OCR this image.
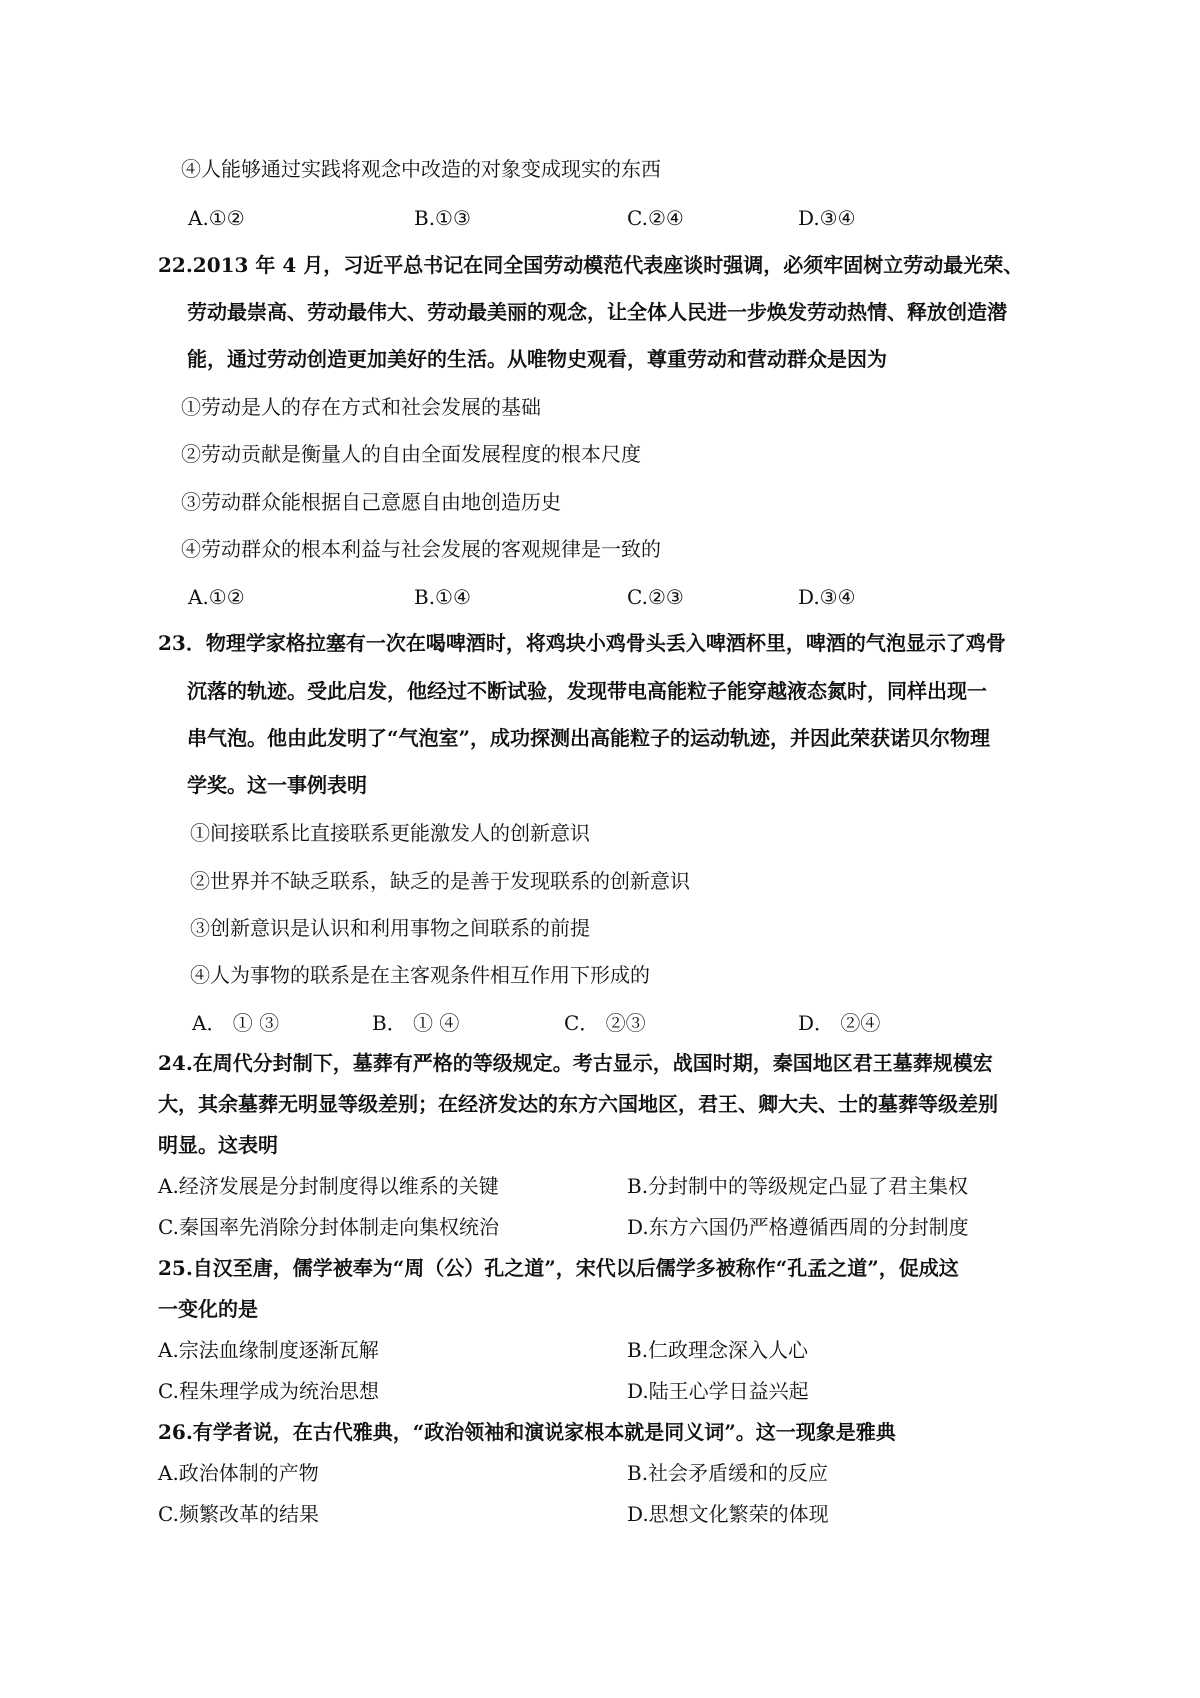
④人能够通过实践将观念中改造的对象变成现实的东西
A.①②	B.①③	C.②④	D.③④
22.2013 年 4 月，习近平总书记在同全国劳动模范代表座谈时强调，必须牢固树立劳动最光荣、
劳动最崇高、劳动最伟大、劳动最美丽的观念，让全体人民进一步焕发劳动热情、释放创造潜
能，通过劳动创造更加美好的生活。从唯物史观看，尊重劳动和营动群众是因为
①劳动是人的存在方式和社会发展的基础
②劳动贡献是衡量人的自由全面发展程度的根本尺度
③劳动群众能根据自己意愿自由地创造历史
④劳动群众的根本利益与社会发展的客观规律是一致的
A.①②	B.①④	C.②③	D.③④
23．物理学家格拉塞有一次在喝啤酒时，将鸡块小鸡骨头丢入啤酒杯里，啤酒的气泡显示了鸡骨
沉落的轨迹。受此启发，他经过不断试验，发现带电高能粒子能穿越液态氮时，同样出现一
串气泡。他由此发明了“气泡室”，成功探测出高能粒子的运动轨迹，并因此荣获诺贝尔物理
学奖。这一事例表明
①间接联系比直接联系更能激发人的创新意识
②世界并不缺乏联系，缺乏的是善于发现联系的创新意识
③创新意识是认识和利用事物之间联系的前提
④人为事物的联系是在主客观条件相互作用下形成的
A． ① ③	B． ① ④	C． ②③	D． ②④
24.在周代分封制下，墓葬有严格的等级规定。考古显示，战国时期，秦国地区君王墓葬规模宏
大，其余墓葬无明显等级差别；在经济发达的东方六国地区，君王、卿大夫、士的墓葬等级差别
明显。这表明
A.经济发展是分封制度得以维系的关键	B.分封制中的等级规定凸显了君主集权
C.秦国率先消除分封体制走向集权统治	D.东方六国仍严格遵循西周的分封制度
25.自汉至唐，儒学被奉为“周（公）孔之道”，宋代以后儒学多被称作“孔孟之道”，促成这
一变化的是
A.宗法血缘制度逐渐瓦解	B.仁政理念深入人心
C.程朱理学成为统治思想	D.陆王心学日益兴起
26.有学者说，在古代雅典，“政治领袖和演说家根本就是同义词”。这一现象是雅典
A.政治体制的产物	B.社会矛盾缓和的反应
C.频繁改革的结果	D.思想文化繁荣的体现
